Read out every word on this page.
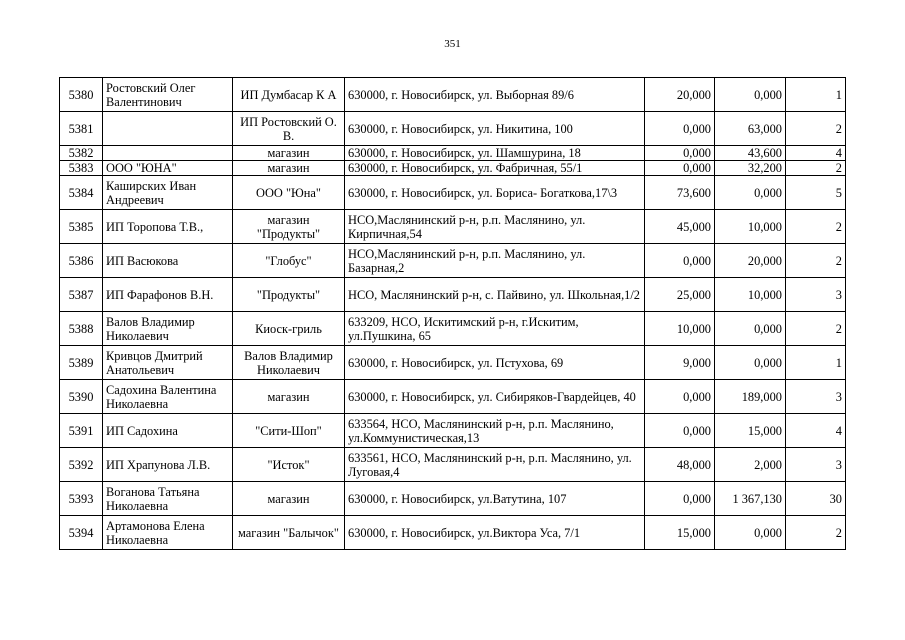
351
5380	Ростовский Олег Валентинович	ИП Думбасар К А	630000, г. Новосибирск, ул. Выборная 89/6	20,000	0,000	1
5381		ИП Ростовский О. В.	630000, г. Новосибирск, ул. Никитина, 100	0,000	63,000	2
5382		магазин	630000, г. Новосибирск, ул. Шамшурина, 18	0,000	43,600	4
5383	ООО "ЮНА"	магазин	630000, г. Новосибирск, ул. Фабричная, 55/1	0,000	32,200	2
5384	Каширских Иван Андреевич	ООО "Юна"	630000, г. Новосибирск, ул. Бориса- Богаткова,17\3	73,600	0,000	5
5385	ИП Торопова Т.В.,	магазин "Продукты"	НСО,Маслянинский р-н, р.п. Маслянино, ул. Кирпичная,54	45,000	10,000	2
5386	ИП Васюкова	"Глобус"	НСО,Маслянинский р-н, р.п. Маслянино, ул. Базарная,2	0,000	20,000	2
5387	ИП Фарафонов В.Н.	"Продукты"	НСО, Маслянинский р-н, с. Пайвино, ул. Школьная,1/2	25,000	10,000	3
5388	Валов Владимир Николаевич	Киоск-гриль	633209, НСО, Искитимский р-н, г.Искитим, ул.Пушкина, 65	10,000	0,000	2
5389	Кривцов Дмитрий Анатольевич	Валов Владимир Николаевич	630000, г. Новосибирск, ул. Пстухова, 69	9,000	0,000	1
5390	Садохина Валентина Николаевна	магазин	630000, г. Новосибирск, ул. Сибиряков-Гвардейцев, 40	0,000	189,000	3
5391	ИП Садохина	"Сити-Шоп"	633564, НСО, Маслянинский р-н, р.п. Маслянино, ул.Коммунистическая,13	0,000	15,000	4
5392	ИП Храпунова Л.В.	"Исток"	633561, НСО, Маслянинский р-н, р.п. Маслянино, ул. Луговая,4	48,000	2,000	3
5393	Воганова Татьяна Николаевна	магазин	630000, г. Новосибирск, ул.Ватутина, 107	0,000	1 367,130	30
5394	Артамонова Елена Николаевна	магазин "Балычок"	630000, г. Новосибирск, ул.Виктора Уса, 7/1	15,000	0,000	2
